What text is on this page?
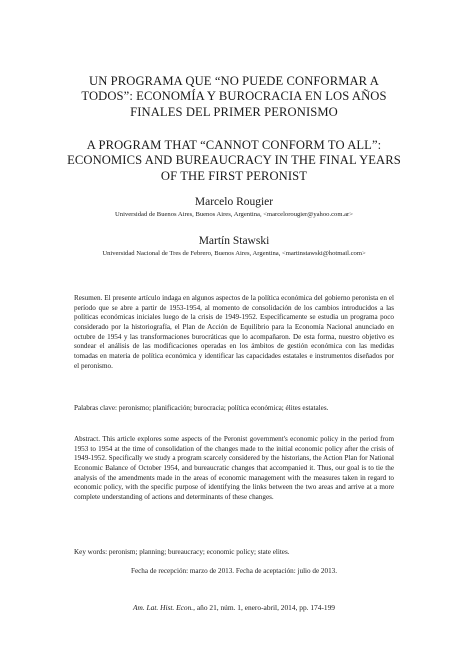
UN PROGRAMA QUE “NO PUEDE CONFORMAR A TODOS”: ECONOMÍA Y BUROCRACIA EN LOS AÑOS FINALES DEL PRIMER PERONISMO
A PROGRAM THAT “CANNOT CONFORM TO ALL”: ECONOMICS AND BUREAUCRACY IN THE FINAL YEARS OF THE FIRST PERONIST
Marcelo Rougier
Universidad de Buenos Aires, Buenos Aires, Argentina, <marcelorougier@yahoo.com.ar>
Martín Stawski
Universidad Nacional de Tres de Febrero, Buenos Aires, Argentina, <martinstawski@hotmail.com>
Resumen. El presente artículo indaga en algunos aspectos de la política económica del gobierno peronista en el período que se abre a partir de 1953-1954, al momento de consolidación de los cambios introducidos a las políticas económicas iniciales luego de la crisis de 1949-1952. Específicamente se estudia un programa poco considerado por la historiografía, el Plan de Acción de Equilibrio para la Economía Nacional anunciado en octubre de 1954 y las transformaciones burocráticas que lo acompañaron. De esta forma, nuestro objetivo es sondear el análisis de las modificaciones operadas en los ámbitos de gestión económica con las medidas tomadas en materia de política económica y identificar las capacidades estatales e instrumentos diseñados por el peronismo.
Palabras clave: peronismo; planificación; burocracia; política económica; élites estatales.
Abstract. This article explores some aspects of the Peronist government's economic policy in the period from 1953 to 1954 at the time of consolidation of the changes made to the initial economic policy after the crisis of 1949-1952. Specifically we study a program scarcely considered by the historians, the Action Plan for National Economic Balance of October 1954, and bureaucratic changes that accompanied it. Thus, our goal is to tie the analysis of the amendments made in the areas of economic management with the measures taken in regard to economic policy, with the specific purpose of identifying the links between the two areas and arrive at a more complete understanding of actions and determinants of these changes.
Key words: peronism; planning; bureaucracy; economic policy; state elites.
Fecha de recepción: marzo de 2013. Fecha de aceptación: julio de 2013.
Am. Lat. Hist. Econ., año 21, núm. 1, enero-abril, 2014, pp. 174-199
